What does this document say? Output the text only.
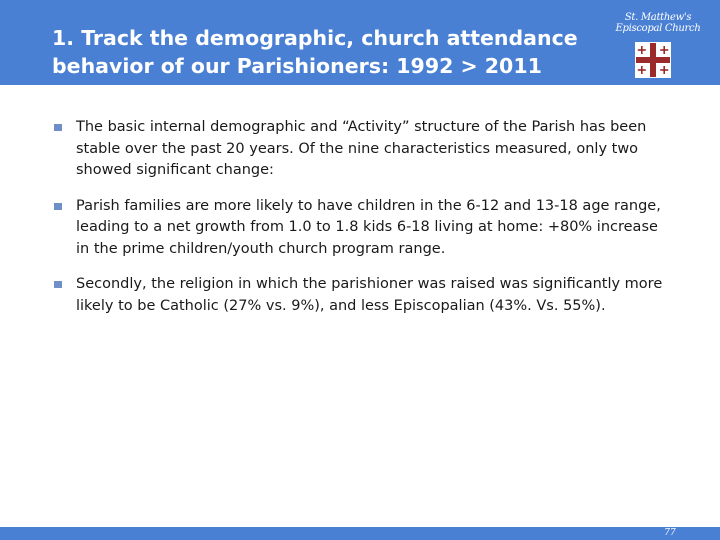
1. Track the demographic, church attendance
behavior of our Parishioners: 1992 > 2011
St. Matthew's
Episcopal Church
The basic internal demographic and “Activity” structure of the Parish has been stable over the past 20 years. Of the nine characteristics measured, only two showed significant change:
Parish families are more likely to have children in the 6-12 and 13-18 age range, leading to a net growth from 1.0 to 1.8 kids 6-18 living at home: +80% increase in the prime children/youth church program range.
Secondly, the religion in which the parishioner was raised was significantly more likely to be Catholic (27% vs. 9%), and less Episcopalian (43%. Vs. 55%).
77
